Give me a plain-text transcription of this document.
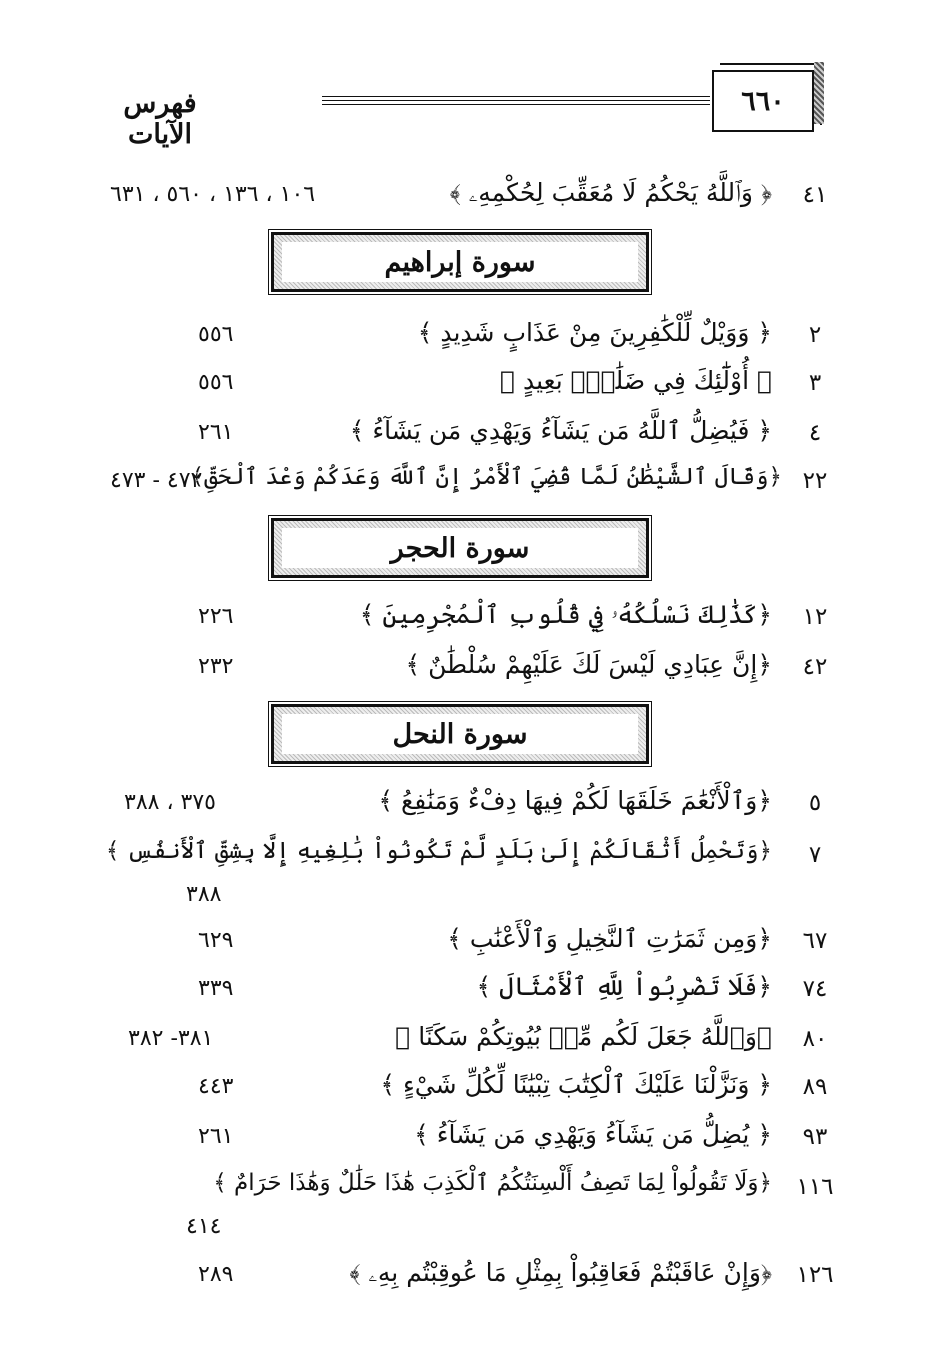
٦٦٠
فهرس الآيات
٤١
﴿ وَٱللَّهُ يَحْكُمُ لَا مُعَقِّبَ لِحُكْمِهِۦ ﴾
١٠٦ ، ١٣٦ ، ٥٦٠ ، ٦٣١
سورة إبراهيم
٢
﴿ وَوَيْلٌ لِّلْكَٰفِرِينَ مِنْ عَذَابٍ شَدِيدٍ ﴾
٥٥٦
٣
﴿ أُوْلَٰٓئِكَ فِي ضَلَٰلٍۭ بَعِيدٍ ﴾
٥٥٦
٤
﴿ فَيُضِلُّ ٱللَّهُ مَن يَشَآءُ وَيَهْدِي مَن يَشَآءُ ﴾
٢٦١
٢٢
﴿وَقَالَ ٱلشَّيْطَٰنُ لَمَّا قُضِيَ ٱلْأَمْرُ إِنَّ ٱللَّهَ وَعَدَكُمْ وَعْدَ ٱلْحَقِّ﴾
٤٧٢ - ٤٧٣
سورة الحجر
١٢
﴿كَذَٰلِكَ نَسْلُكُهُۥ فِي قُلُوبِ ٱلْمُجْرِمِينَ ﴾
٢٢٦
٤٢
﴿إِنَّ عِبَادِي لَيْسَ لَكَ عَلَيْهِمْ سُلْطَٰنٌ ﴾
٢٣٢
سورة النحل
٥
﴿وَٱلْأَنْعَٰمَ خَلَقَهَا لَكُمْ فِيهَا دِفْءٌ وَمَنَٰفِعُ ﴾
٣٧٥ ، ٣٨٨
٧
﴿وَتَحْمِلُ أَثْقَالَكُمْ إِلَىٰ بَلَدٍ لَّمْ تَكُونُواْ بَٰلِغِيهِ إِلَّا بِشِقِّ ٱلْأَنفُسِ ﴾
٣٨٨
٦٧
﴿وَمِن ثَمَرَٰتِ ٱلنَّخِيلِ وَٱلْأَعْنَٰبِ ﴾
٦٢٩
٧٤
﴿فَلَا تَضْرِبُواْ لِلَّهِ ٱلْأَمْثَالَ ﴾
٣٣٩
٨٠
﴿وَٱللَّهُ جَعَلَ لَكُم مِّنۢ بُيُوتِكُمْ سَكَنًا ﴾
٣٨١- ٣٨٢
٨٩
﴿ وَنَزَّلْنَا عَلَيْكَ ٱلْكِتَٰبَ تِبْيَٰنًا لِّكُلِّ شَيْءٍ ﴾
٤٤٣
٩٣
﴿ يُضِلُّ مَن يَشَآءُ وَيَهْدِي مَن يَشَآءُ ﴾
٢٦١
١١٦
﴿وَلَا تَقُولُواْ لِمَا تَصِفُ أَلْسِنَتُكُمُ ٱلْكَذِبَ هَٰذَا حَلَٰلٌ وَهَٰذَا حَرَامٌ ﴾
٤١٤
١٢٦
﴿وَإِنْ عَاقَبْتُمْ فَعَاقِبُواْ بِمِثْلِ مَا عُوقِبْتُم بِهِۦ ﴾
٢٨٩
